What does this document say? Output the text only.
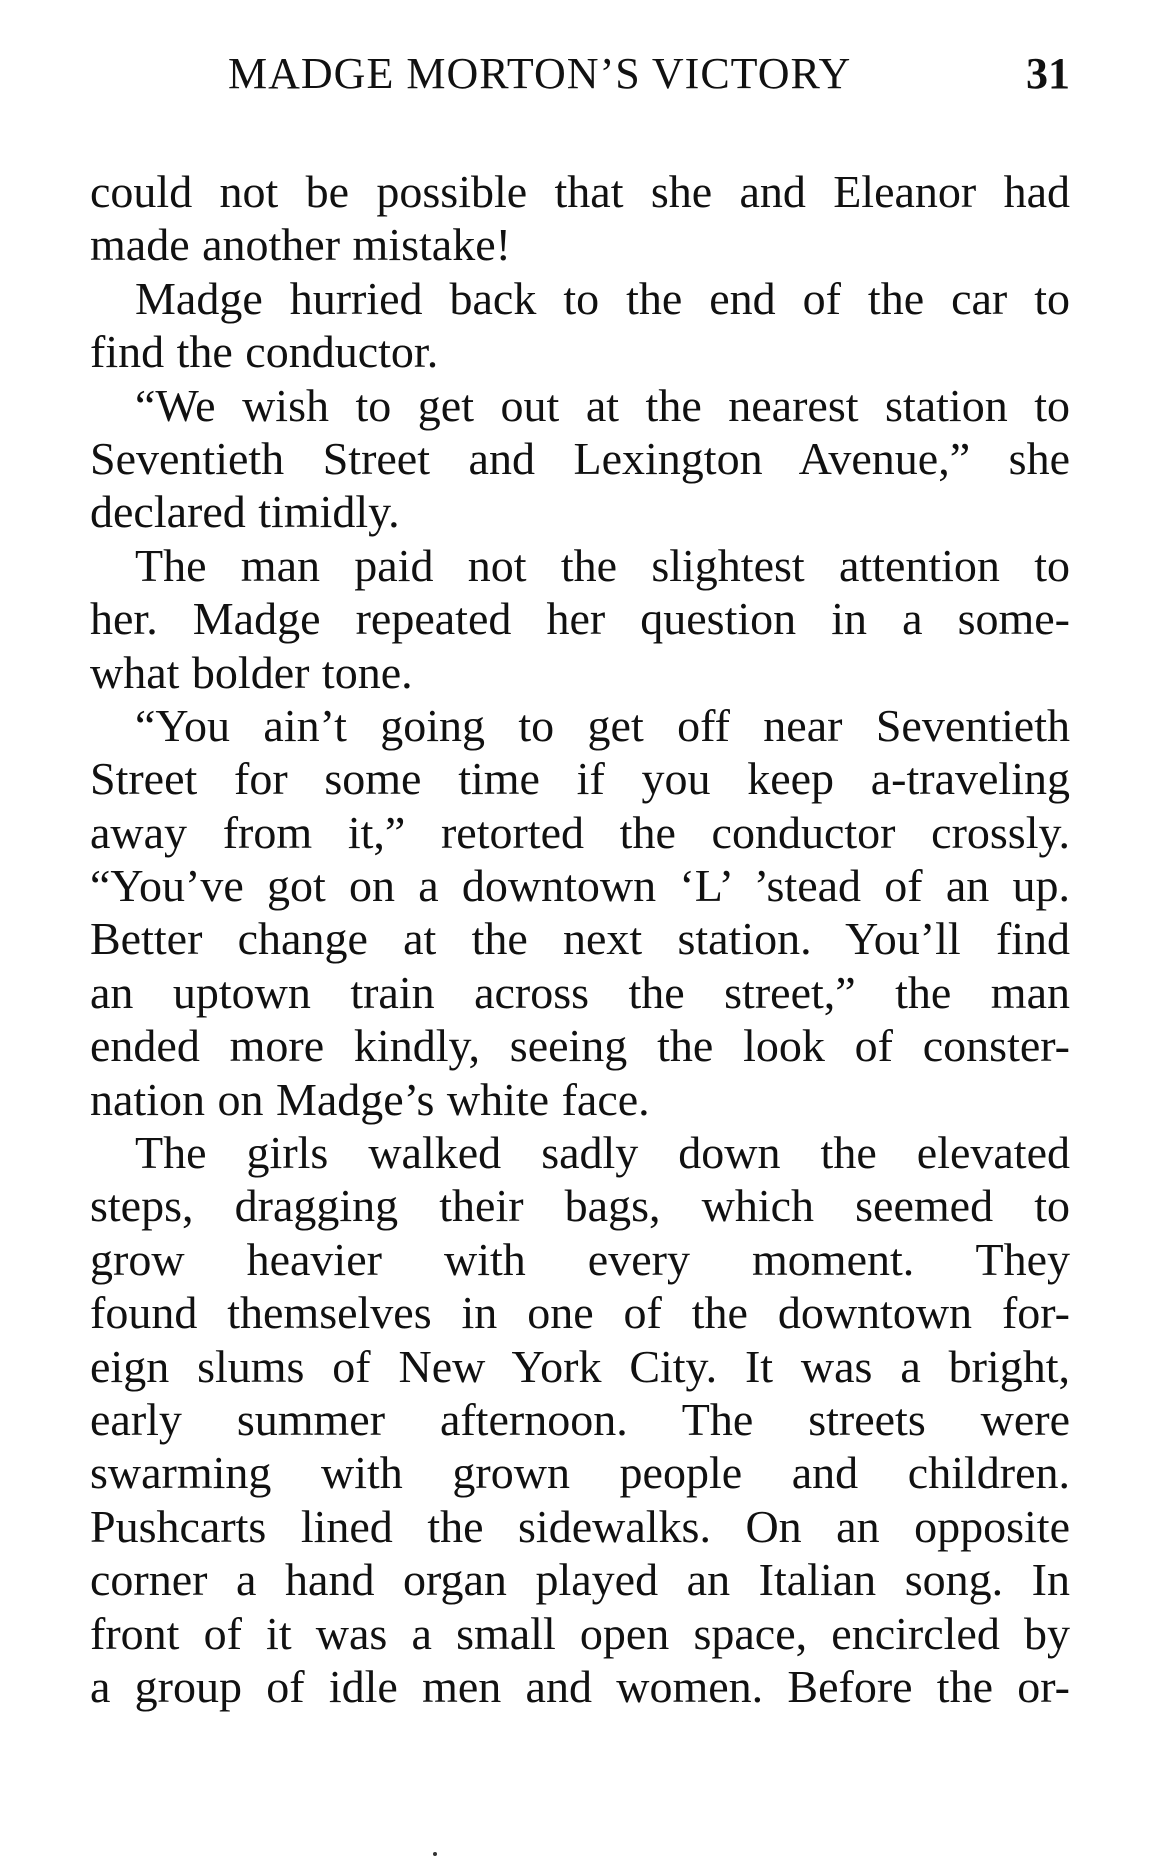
MADGE MORTON’S VICTORY	31
could not be possible that she and Eleanor had
made another mistake!
Madge hurried back to the end of the car to
find the conductor.
“We wish to get out at the nearest station to
Seventieth Street and Lexington Avenue,” she
declared timidly.
The man paid not the slightest attention to
her. Madge repeated her question in a some-
what bolder tone.
“You ain’t going to get off near Seventieth
Street for some time if you keep a-traveling
away from it,” retorted the conductor crossly.
“You’ve got on a downtown ‘L’ ’stead of an up.
Better change at the next station. You’ll find
an uptown train across the street,” the man
ended more kindly, seeing the look of conster-
nation on Madge’s white face.
The girls walked sadly down the elevated
steps, dragging their bags, which seemed to
grow heavier with every moment. They
found themselves in one of the downtown for-
eign slums of New York City. It was a bright,
early summer afternoon. The streets were
swarming with grown people and children.
Pushcarts lined the sidewalks. On an opposite
corner a hand organ played an Italian song. In
front of it was a small open space, encircled by
a group of idle men and women. Before the or-
